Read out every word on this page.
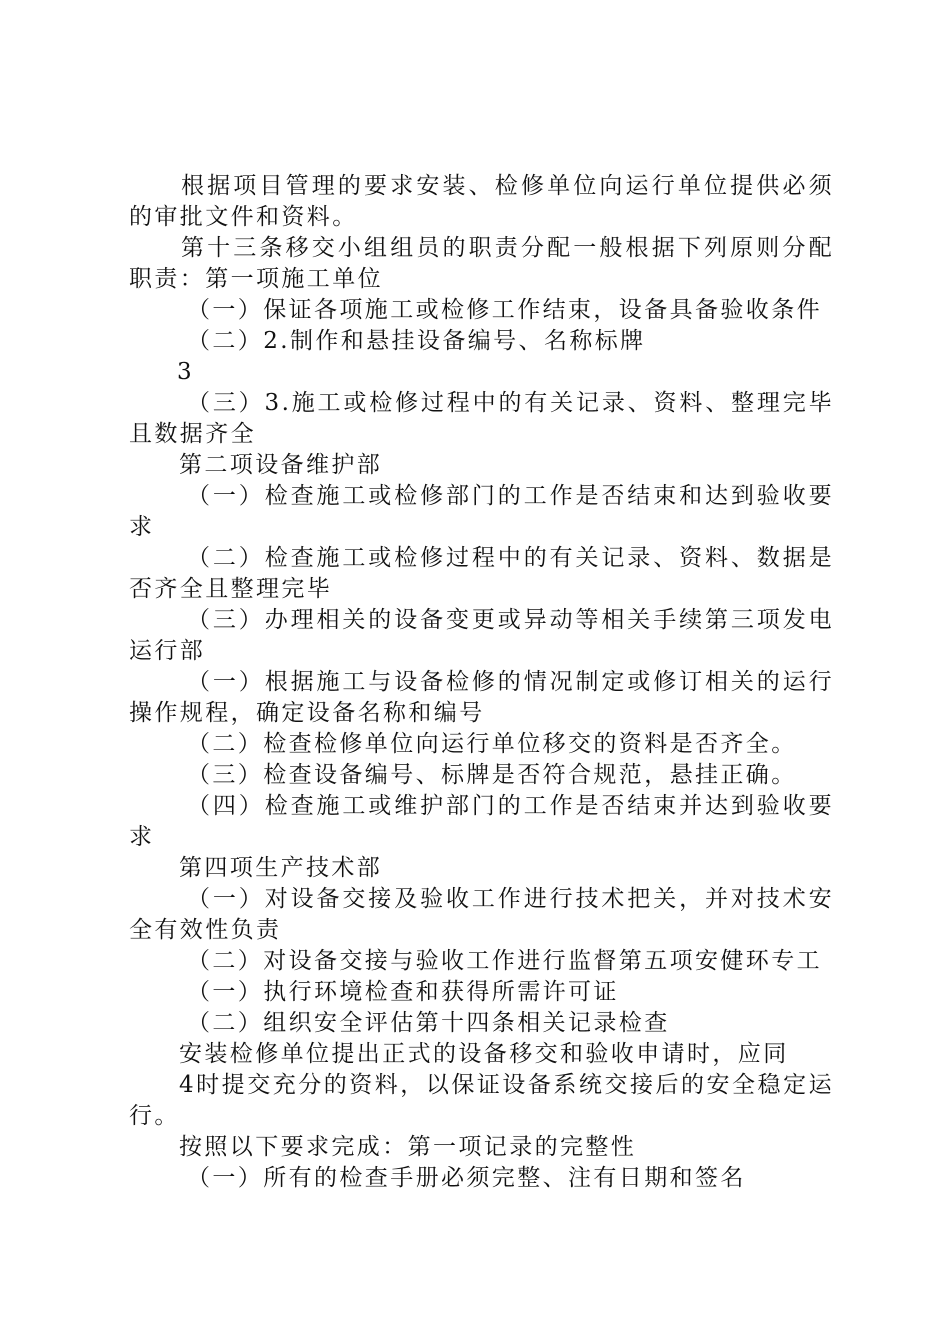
根据项目管理的要求安装、检修单位向运行单位提供必须的审批文件和资料。

第十三条移交小组组员的职责分配一般根据下列原则分配职责：第一项施工单位

（一）保证各项施工或检修工作结束，设备具备验收条件

（二）2.制作和悬挂设备编号、名称标牌

3

（三）3.施工或检修过程中的有关记录、资料、整理完毕且数据齐全

第二项设备维护部

（一）检查施工或检修部门的工作是否结束和达到验收要求

（二）检查施工或检修过程中的有关记录、资料、数据是否齐全且整理完毕

（三）办理相关的设备变更或异动等相关手续第三项发电运行部

（一）根据施工与设备检修的情况制定或修订相关的运行操作规程，确定设备名称和编号

（二）检查检修单位向运行单位移交的资料是否齐全。

（三）检查设备编号、标牌是否符合规范，悬挂正确。

（四）检查施工或维护部门的工作是否结束并达到验收要求

第四项生产技术部

（一）对设备交接及验收工作进行技术把关，并对技术安全有效性负责

（二）对设备交接与验收工作进行监督第五项安健环专工

（一）执行环境检查和获得所需许可证

（二）组织安全评估第十四条相关记录检查

安装检修单位提出正式的设备移交和验收申请时，应同

4时提交充分的资料，以保证设备系统交接后的安全稳定运行。

按照以下要求完成：第一项记录的完整性

（一）所有的检查手册必须完整、注有日期和签名
